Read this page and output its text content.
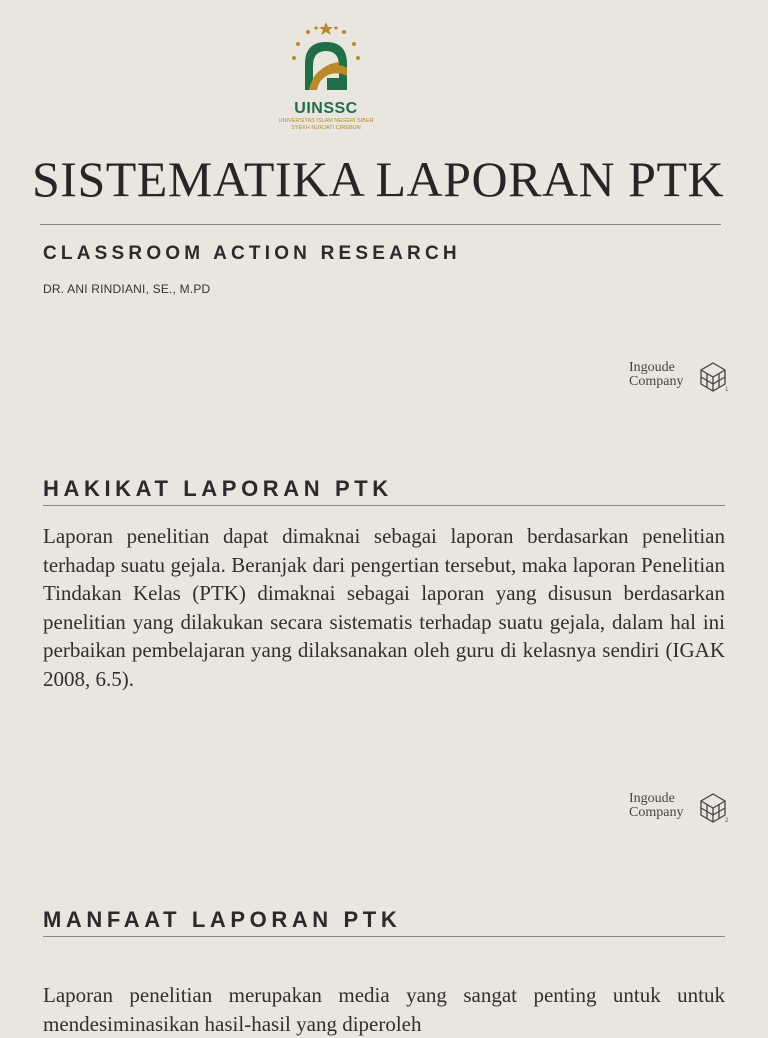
UINSSC
UNIVERSITAS ISLAM NEGERI SIBER
SYEKH NURJATI CIREBON
SISTEMATIKA LAPORAN PTK
CLASSROOM ACTION RESEARCH
DR. ANI RINDIANI, SE., M.PD
Ingoude
Company
1
HAKIKAT LAPORAN PTK

Laporan penelitian dapat dimaknai sebagai laporan berdasarkan penelitian terhadap suatu gejala. Beranjak dari pengertian tersebut, maka laporan Penelitian Tindakan Kelas (PTK) dimaknai sebagai laporan yang disusun berdasarkan penelitian yang dilakukan secara sistematis terhadap suatu gejala, dalam hal ini perbaikan pembelajaran yang dilaksanakan oleh guru di kelasnya sendiri (IGAK 2008, 6.5).

Ingoude
Company
2
MANFAAT LAPORAN PTK

Laporan penelitian merupakan media yang sangat penting untuk untuk mendesiminasikan hasil-hasil yang diperoleh
